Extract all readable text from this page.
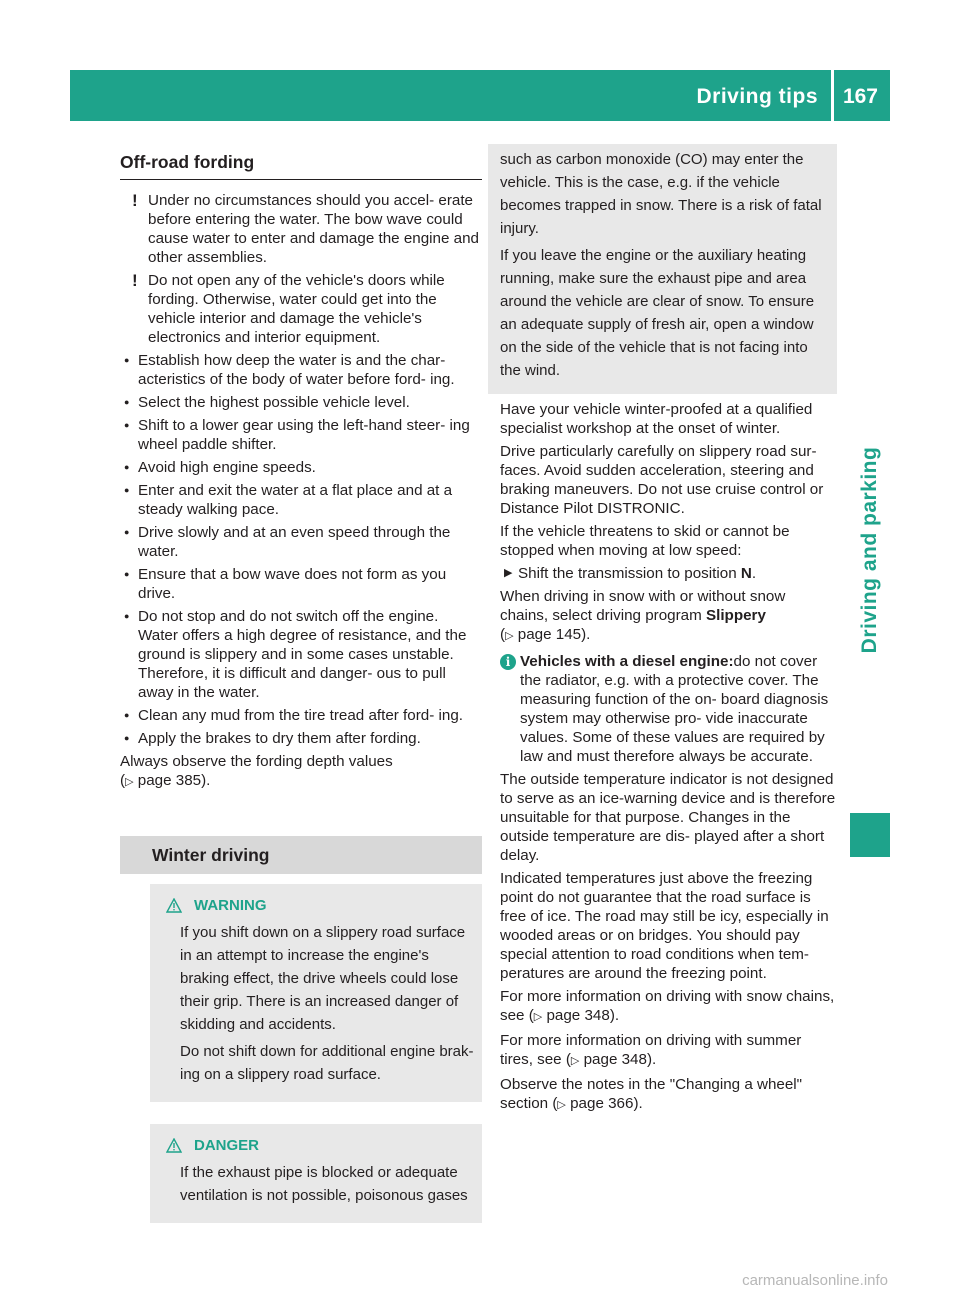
Driving tips 167
Driving and parking
Off-road fording
! Under no circumstances should you accel- erate before entering the water. The bow wave could cause water to enter and damage the engine and other assemblies.
! Do not open any of the vehicle's doors while fording. Otherwise, water could get into the vehicle interior and damage the vehicle's electronics and interior equipment.
● Establish how deep the water is and the char- acteristics of the body of water before ford- ing.
● Select the highest possible vehicle level.
● Shift to a lower gear using the left-hand steer- ing wheel paddle shifter.
● Avoid high engine speeds.
● Enter and exit the water at a flat place and at a steady walking pace.
● Drive slowly and at an even speed through the water.
● Ensure that a bow wave does not form as you drive.
● Do not stop and do not switch off the engine. Water offers a high degree of resistance, and the ground is slippery and in some cases unstable. Therefore, it is difficult and danger- ous to pull away in the water.
● Clean any mud from the tire tread after ford- ing.
● Apply the brakes to dry them after fording.

Always observe the fording depth values
(▷ page 385).

Winter driving
WARNING

If you shift down on a slippery road surface in an attempt to increase the engine's braking effect, the drive wheels could lose their grip. There is an increased danger of skidding and accidents.

Do not shift down for additional engine brak- ing on a slippery road surface.

DANGER

If the exhaust pipe is blocked or adequate ventilation is not possible, poisonous gases

such as carbon monoxide (CO) may enter the vehicle. This is the case, e.g. if the vehicle becomes trapped in snow. There is a risk of fatal injury.

If you leave the engine or the auxiliary heating running, make sure the exhaust pipe and area around the vehicle are clear of snow. To ensure an adequate supply of fresh air, open a window on the side of the vehicle that is not facing into the wind.

Have your vehicle winter-proofed at a qualified specialist workshop at the onset of winter.

Drive particularly carefully on slippery road sur- faces. Avoid sudden acceleration, steering and braking maneuvers. Do not use cruise control or Distance Pilot DISTRONIC.

If the vehicle threatens to skid or cannot be stopped when moving at low speed:

▶ Shift the transmission to position N.

When driving in snow with or without snow chains, select driving program Slippery
(▷ page 145).

i Vehicles with a diesel engine:do not cover the radiator, e.g. with a protective cover. The measuring function of the on- board diagnosis system may otherwise pro- vide inaccurate values. Some of these values are required by law and must therefore always be accurate.

The outside temperature indicator is not designed to serve as an ice-warning device and is therefore unsuitable for that purpose. Changes in the outside temperature are dis- played after a short delay.

Indicated temperatures just above the freezing point do not guarantee that the road surface is free of ice. The road may still be icy, especially in wooded areas or on bridges. You should pay special attention to road conditions when tem- peratures are around the freezing point.

For more information on driving with snow chains, see (▷ page 348).

For more information on driving with summer tires, see (▷ page 348).

Observe the notes in the "Changing a wheel" section (▷ page 366).

carmanualsonline.info
